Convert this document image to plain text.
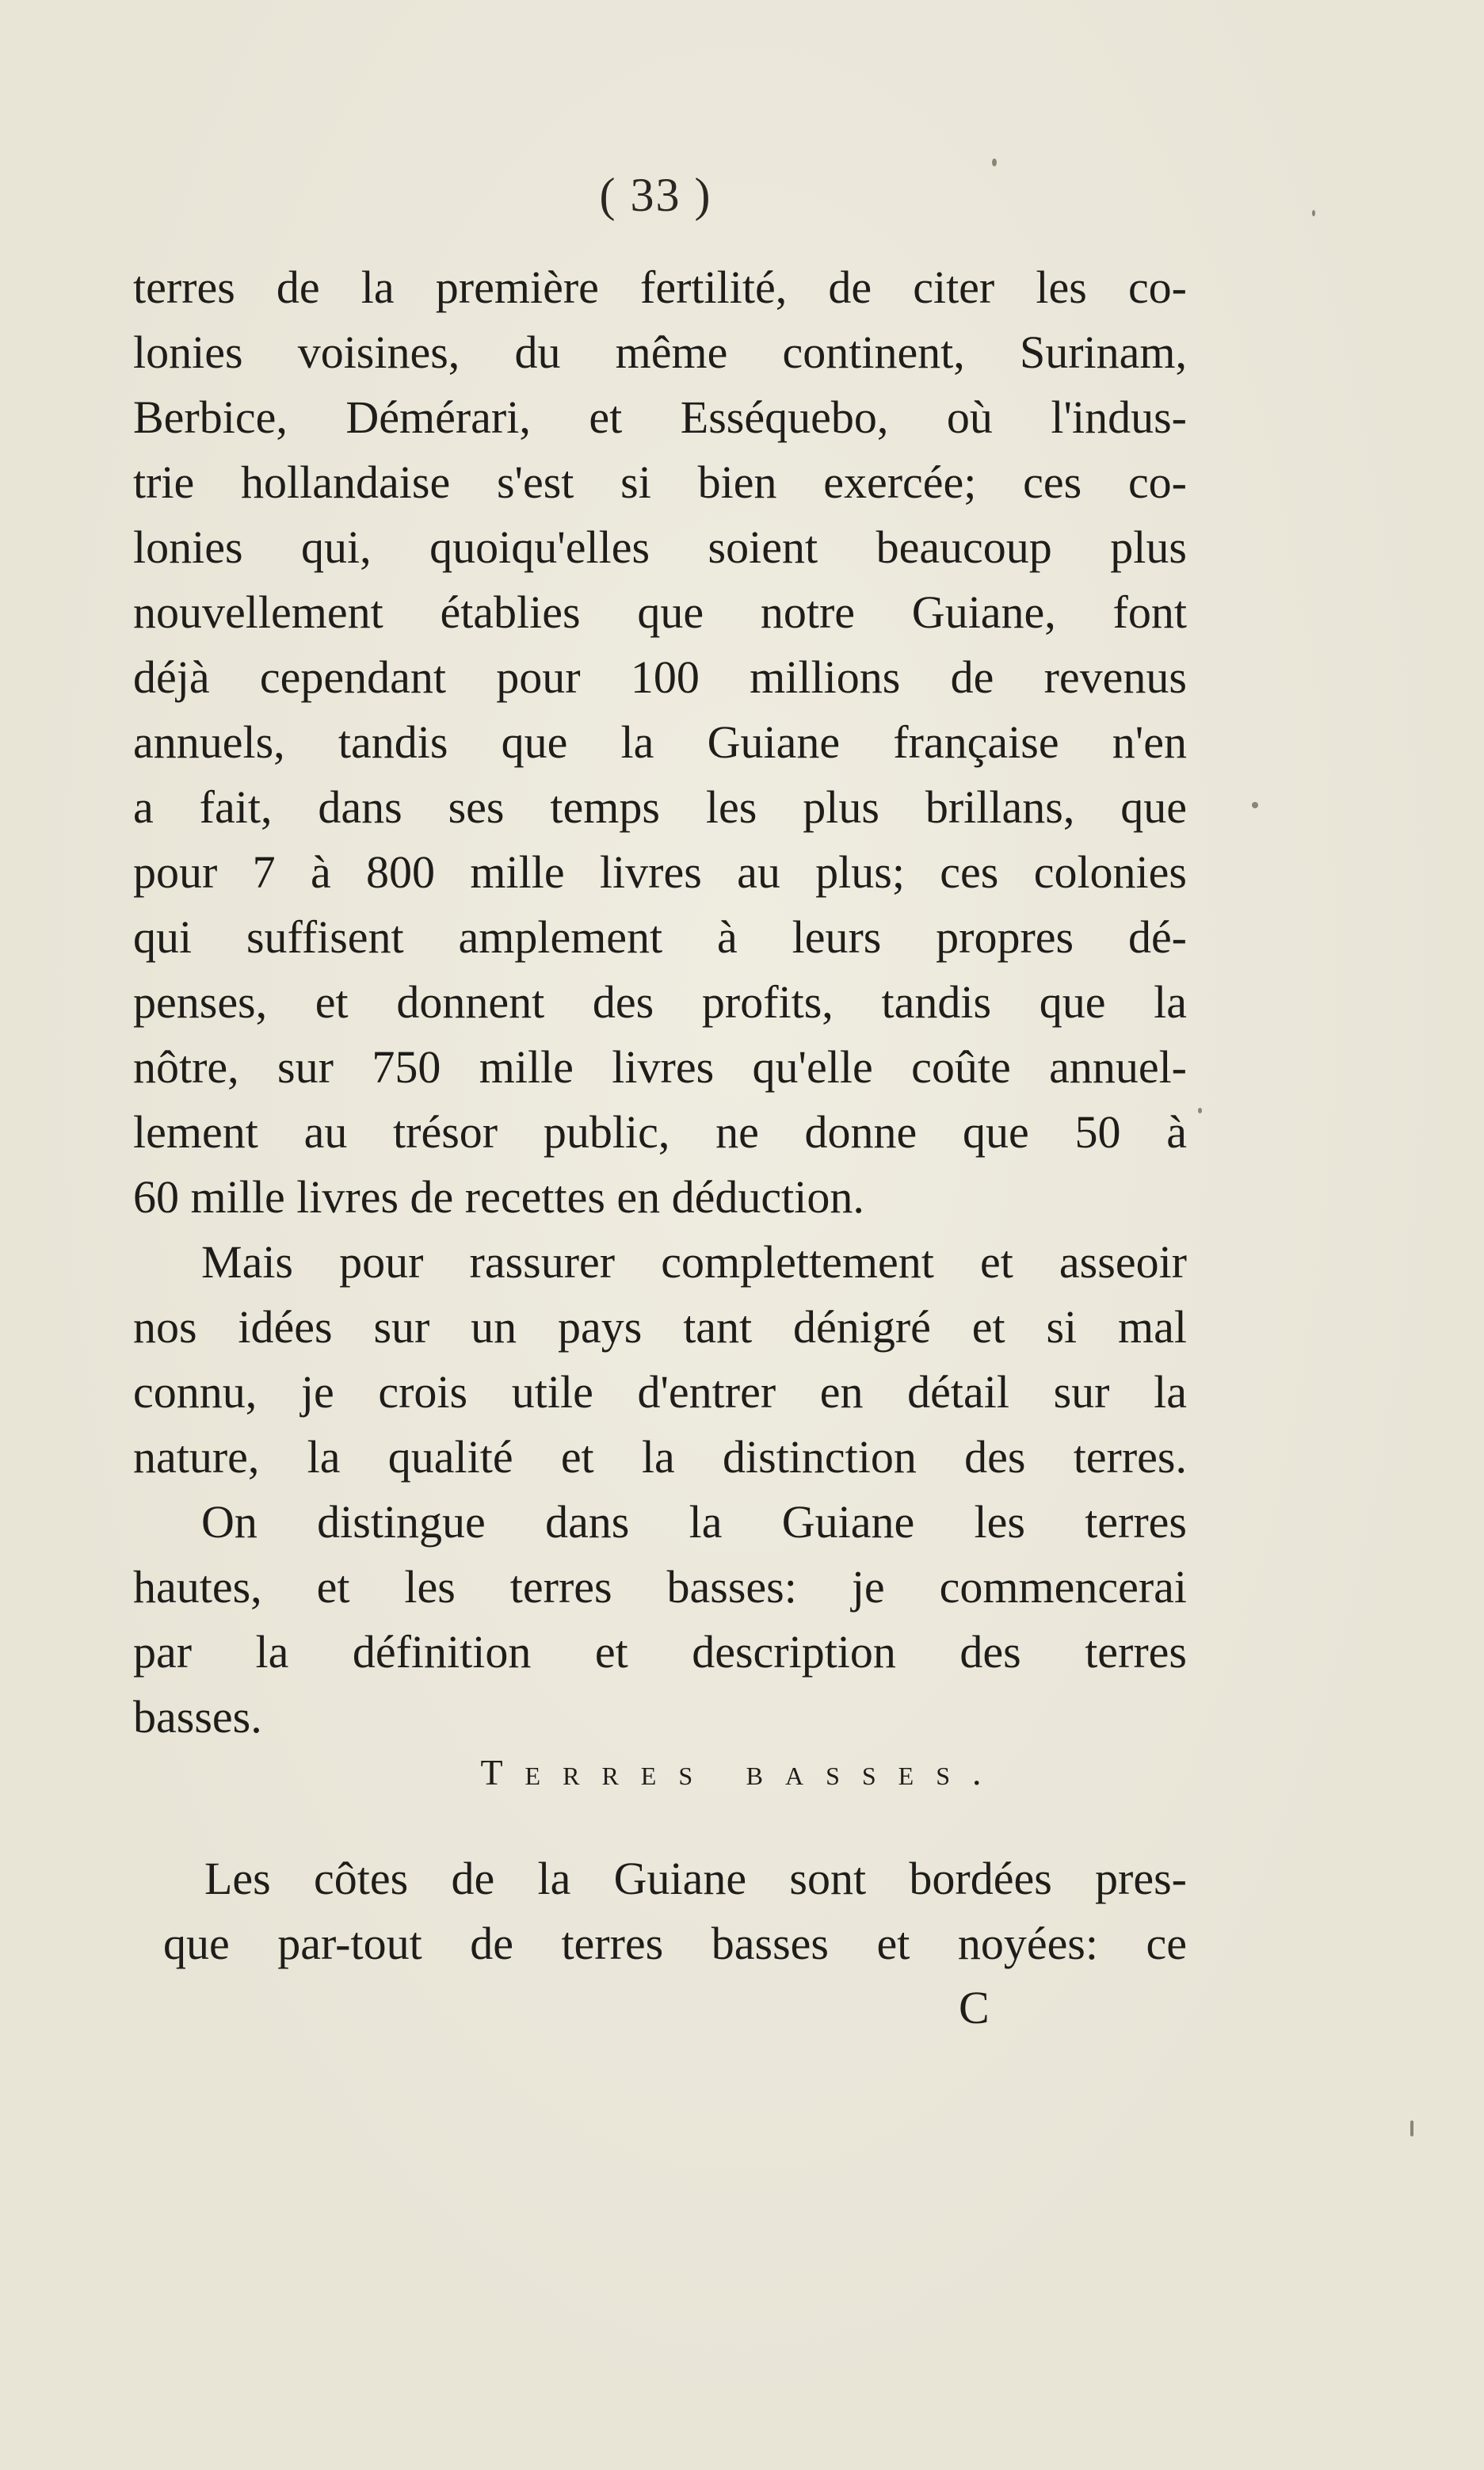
( 33 )
terres de la première fertilité, de citer les co-
lonies voisines, du même continent, Surinam,
Berbice, Démérari, et Esséquebo, où l'indus-
trie hollandaise s'est si bien exercée; ces co-
lonies qui, quoiqu'elles soient beaucoup plus
nouvellement établies que notre Guiane, font
déjà cependant pour 100 millions de revenus
annuels, tandis que la Guiane française n'en
a fait, dans ses temps les plus brillans, que
pour 7 à 800 mille livres au plus; ces colonies
qui suffisent amplement à leurs propres dé-
penses, et donnent des profits, tandis que la
nôtre, sur 750 mille livres qu'elle coûte annuel-
lement au trésor public, ne donne que 50 à
60 mille livres de recettes en déduction.
Mais pour rassurer complettement et asseoir
nos idées sur un pays tant dénigré et si mal
connu, je crois utile d'entrer en détail sur la
nature, la qualité et la distinction des terres.
On distingue dans la Guiane les terres
hautes, et les terres basses: je commencerai
par la définition et description des terres
basses.
Terres basses.
Les côtes de la Guiane sont bordées pres-
que par-tout de terres basses et noyées: ce
C
